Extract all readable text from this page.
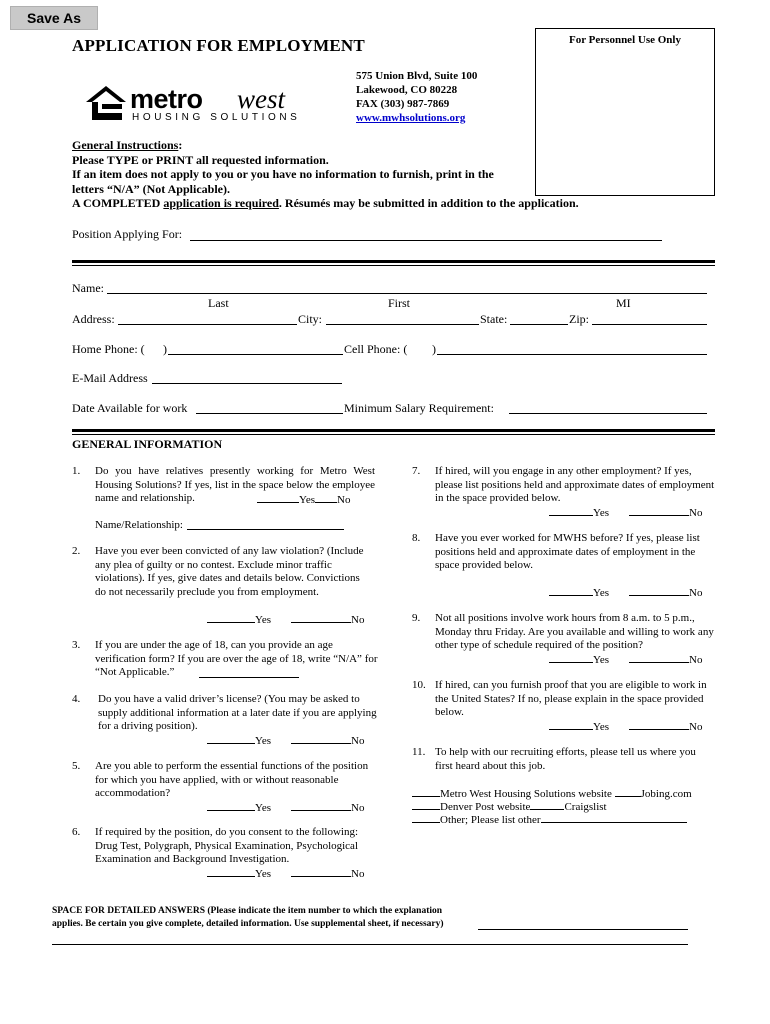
Save As
For Personnel Use Only
APPLICATION FOR EMPLOYMENT
metro west
HOUSING SOLUTIONS
575 Union Blvd, Suite 100
Lakewood, CO 80228
FAX (303) 987-7869
www.mwhsolutions.org
General Instructions:
Please TYPE or PRINT all requested information.
If an item does not apply to you or you have no information to furnish, print in the
letters “N/A” (Not Applicable).
A COMPLETED application is required. Résumés may be submitted in addition to the application.
Position Applying For:
Name:
Last	First	MI
Address:	City:	State:	Zip:
Home Phone: ( )	Cell Phone: ( )
E-Mail Address
Date Available for work	Minimum Salary Requirement:
GENERAL INFORMATION
1. Do you have relatives presently working for Metro West Housing Solutions? If yes, list in the space below the employee name and relationship.	Yes No
Name/Relationship:
2. Have you ever been convicted of any law violation? (Include any plea of guilty or no contest. Exclude minor traffic violations). If yes, give dates and details below. Convictions do not necessarily preclude you from employment.
Yes	No
3. If you are under the age of 18, can you provide an age verification form? If you are over the age of 18, write “N/A” for “Not Applicable.”
4. Do you have a valid driver’s license? (You may be asked to supply additional information at a later date if you are applying for a driving position).
Yes	No
5. Are you able to perform the essential functions of the position for which you have applied, with or without reasonable accommodation?
Yes	No
6. If required by the position, do you consent to the following: Drug Test, Polygraph, Physical Examination, Psychological Examination and Background Investigation.
Yes	No
7. If hired, will you engage in any other employment? If yes, please list positions held and approximate dates of employment in the space provided below.
Yes	No
8. Have you ever worked for MWHS before? If yes, please list positions held and approximate dates of employment in the space provided below.
Yes	No
9. Not all positions involve work hours from 8 a.m. to 5 p.m., Monday thru Friday. Are you available and willing to work any other type of schedule required of the position?
Yes	No
10. If hired, can you furnish proof that you are eligible to work in the United States? If no, please explain in the space provided below.
Yes	No
11. To help with our recruiting efforts, please tell us where you first heard about this job.
Metro West Housing Solutions website	Jobing.com
Denver Post website	Craigslist
Other; Please list other
SPACE FOR DETAILED ANSWERS (Please indicate the item number to which the explanation
applies. Be certain you give complete, detailed information. Use supplemental sheet, if necessary)
